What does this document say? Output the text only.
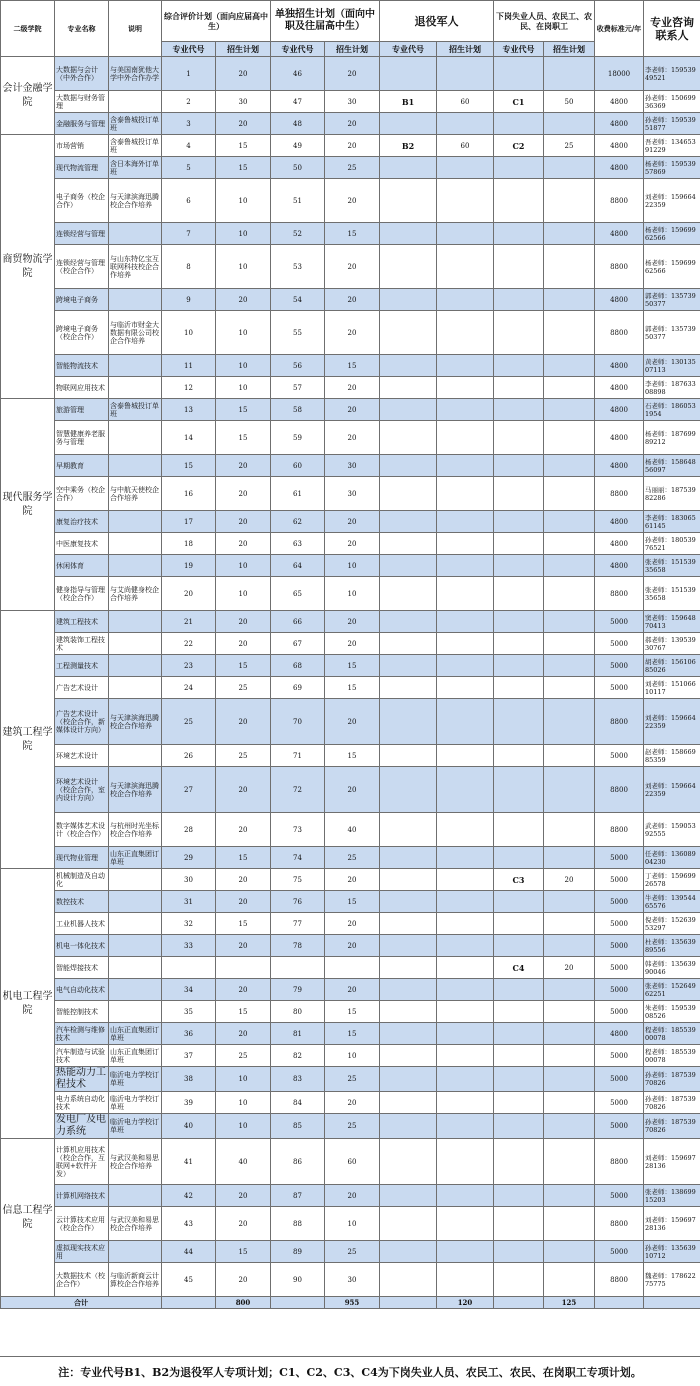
二级学院	专业名称	说明	综合评价计划（面向应届高中生）		单独招生计划（面向中职及往届高中生）		退役军人		下岗失业人员、农民工、农民、在岗职工		收费标准元/年	专业咨询联系人
			专业代号	招生计划	专业代号	招生计划	专业代号	招生计划	专业代号	招生计划		
会计金融学院	大数据与会计（中外合作）	与美国南犹他大学中外合作办学	1	20	46	20					18000	李老师：15953949521
	大数据与财务管理		2	30	47	30	B1	60	C1	50	4800	孙老师：15069936369
	金融服务与管理	含泰鲁城投订单班	3	20	48	20					4800	孙老师：15953951877
商贸物流学院	市场营销	含泰鲁城投订单班	4	15	49	20	B2	60	C2	25	4800	吾老师：13465391229
	现代物流管理	含日本海外订单班	5	15	50	25					4800	杨老师：15953957869
	电子商务（校企合作）	与天津滨海迅腾校企合作培养	6	10	51	20					8800	刘老师：15966422359
	连锁经营与管理		7	10	52	15					4800	杨老师：15969962566
	连锁经营与管理（校企合作）	与山东特亿宝互联网科技校企合作培养	8	10	53	20					8800	杨老师：15969962566
	跨境电子商务		9	20	54	20					4800	郭老师：13573950377
	跨境电子商务（校企合作）	与临沂市财金大数据有限公司校企合作培养	10	10	55	20					8800	郭老师：13573950377
	智能物流技术		11	10	56	15					4800	黄老师：13013507113
	物联网应用技术		12	10	57	20					4800	李老师：18763308898
现代服务学院	旅游管理	含泰鲁城投订单班	13	15	58	20					4800	石老师：1860531954
	智慧健康养老服务与管理		14	15	59	20					4800	杨老师：18769989212
	早期教育		15	20	60	30					4800	杨老师：15864856097
	空中乘务（校企合作）	与中航天使校企合作培养	16	20	61	30					8800	马丽丽：18753982286
	康复治疗技术		17	20	62	20					4800	李老师：18306561145
	中医康复技术		18	20	63	20					4800	孙老师：18053976521
	休闲体育		19	10	64	10					4800	张老师：15153935658
	健身指导与管理（校企合作）	与艾尚健身校企合作培养	20	10	65	10					8800	张老师：15153935658
建筑工程学院	建筑工程技术		21	20	66	20					5000	窦老师：15964870413
	建筑装饰工程技术		22	20	67	20					5000	郝老师：13953930767
	工程测量技术		23	15	68	15					5000	胡老师：15610685026
	广告艺术设计		24	25	69	15					5000	刘老师：15106610117
	广告艺术设计（校企合作，新媒体设计方向）	与天津滨海迅腾校企合作培养	25	20	70	20					8800	刘老师：15966422359
	环境艺术设计		26	25	71	15					5000	赵老师：15866985359
	环境艺术设计（校企合作，室内设计方向）	与天津滨海迅腾校企合作培养	27	20	72	20					8800	刘老师：15966422359
	数字媒体艺术设计（校企合作）	与杭州时光坐标校企合作培养	28	20	73	40					8800	武老师：15905392555
	现代物业管理	山东正直集团订单班	29	15	74	25					5000	任老师：13608904230
机电工程学院	机械制造及自动化		30	20	75	20			C3	20	5000	丁老师：15969926578
	数控技术		31	20	76	15					5000	牛老师：13954465576
	工业机器人技术		32	15	77	20					5000	倪老师：15263953297
	机电一体化技术		33	20	78	20					5000	杜老师：13563989556
	智能焊接技术								C4	20	5000	韩老师：13563990046
	电气自动化技术		34	20	79	20					5000	张老师：15264962251
	智能控制技术		35	15	80	15					5000	朱老师：15953908526
	汽车检测与维修技术	山东正直集团订单班	36	20	81	15					4800	程老师：18553900078
	汽车制造与试验技术	山东正直集团订单班	37	25	82	10					5000	程老师：18553900078
	热能动力工程技术	临沂电力学校订单班	38	10	83	25					5000	孙老师：18753970826
	电力系统自动化技术	临沂电力学校订单班	39	10	84	20					5000	孙老师：18753970826
	发电厂及电力系统	临沂电力学校订单班	40	10	85	25					5000	孙老师：18753970826
信息工程学院	计算机应用技术（校企合作，互联网+软件开发）	与武汉美和易思校企合作培养	41	40	86	60					8800	刘老师：15969728136
	计算机网络技术		42	20	87	20					5000	张老师：13869915203
	云计算技术应用（校企合作）	与武汉美和易思校企合作培养	43	20	88	10					8800	刘老师：15969728136
	虚拟现实技术应用		44	15	89	25					5000	孙老师：13563910712
	大数据技术（校企合作）	与临沂新商云计算校企合作培养	45	20	90	30					8800	魏老师：17862275775
合计				800		955		120		125		
注：专业代号B1、B2为退役军人专项计划；C1、C2、C3、C4为下岗失业人员、农民工、农民、在岗职工专项计划。
